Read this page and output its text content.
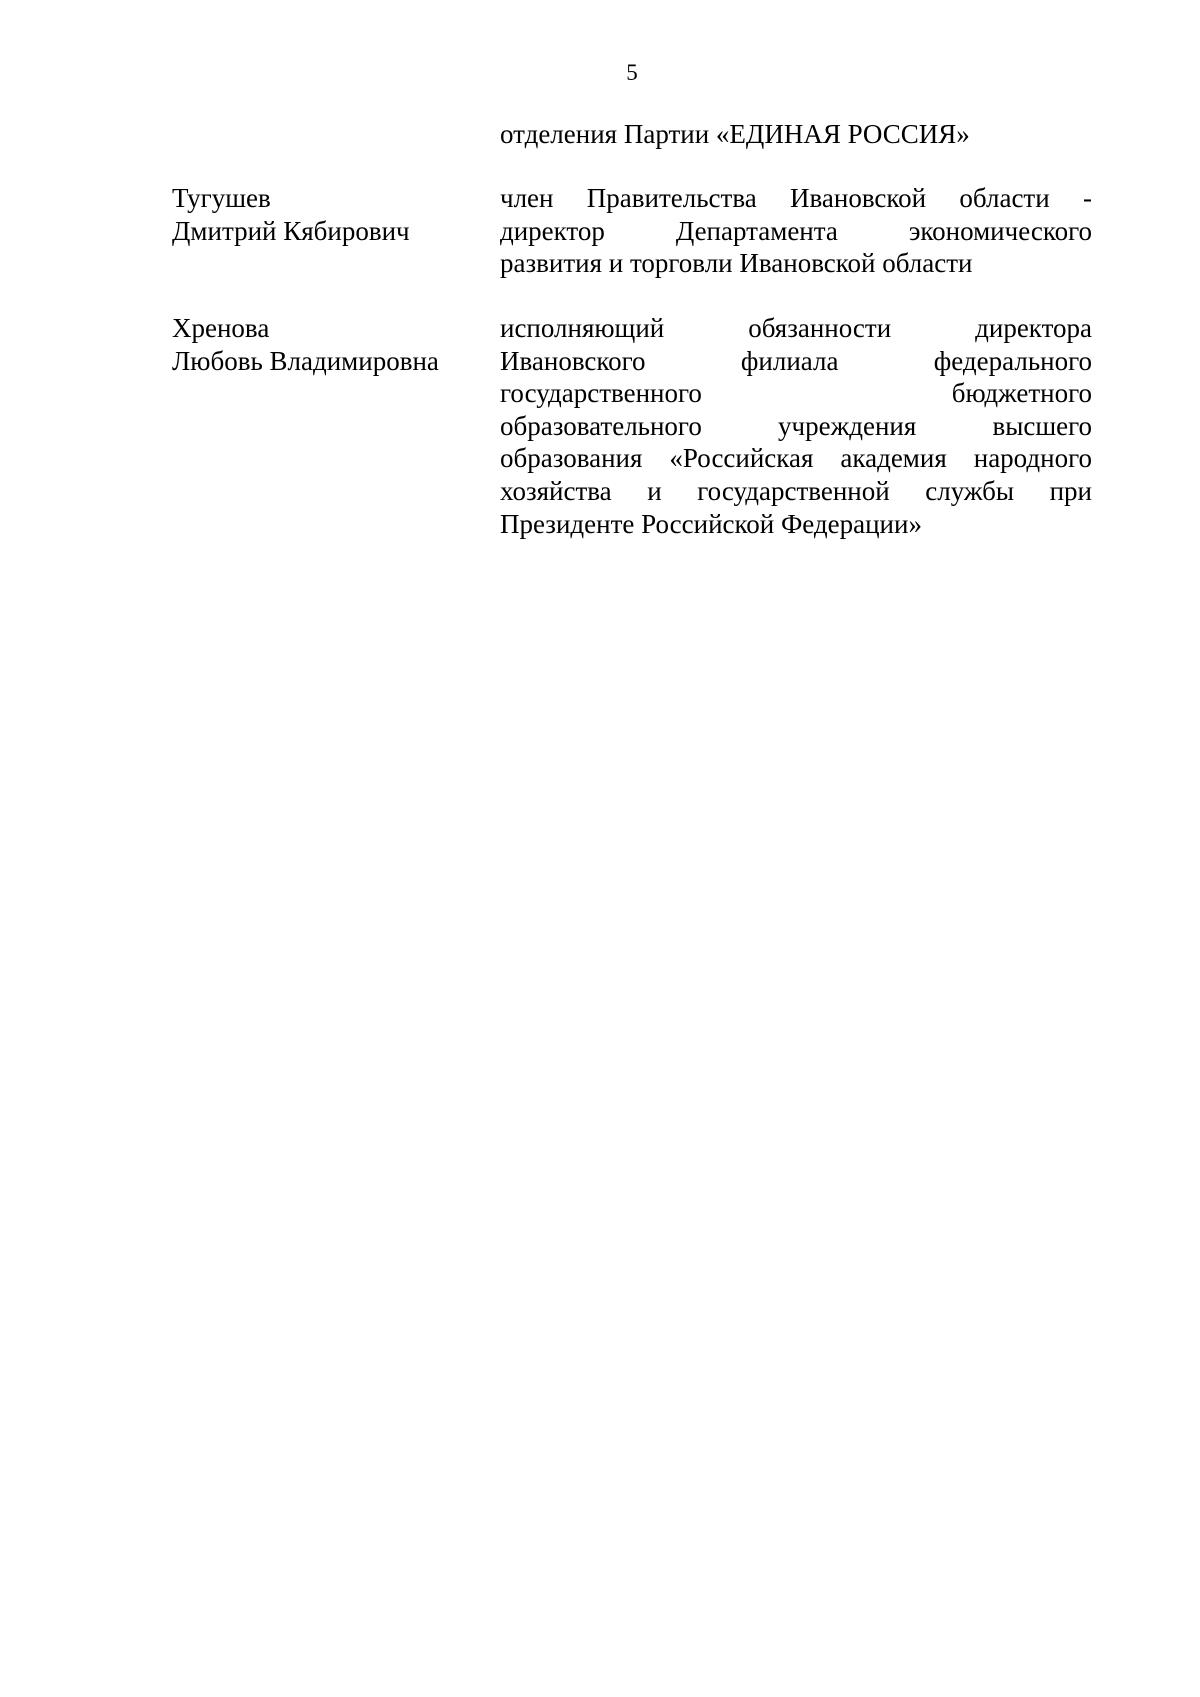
5
отделения Партии «ЕДИНАЯ РОССИЯ»
Тугушев
Дмитрий Кябирович
член Правительства Ивановской области -
директор Департамента экономического
развития и торговли Ивановской области
Хренова
Любовь Владимировна
исполняющий обязанности директора
Ивановского филиала федерального
государственного бюджетного
образовательного учреждения высшего
образования «Российская академия народного
хозяйства и государственной службы при
Президенте Российской Федерации»
